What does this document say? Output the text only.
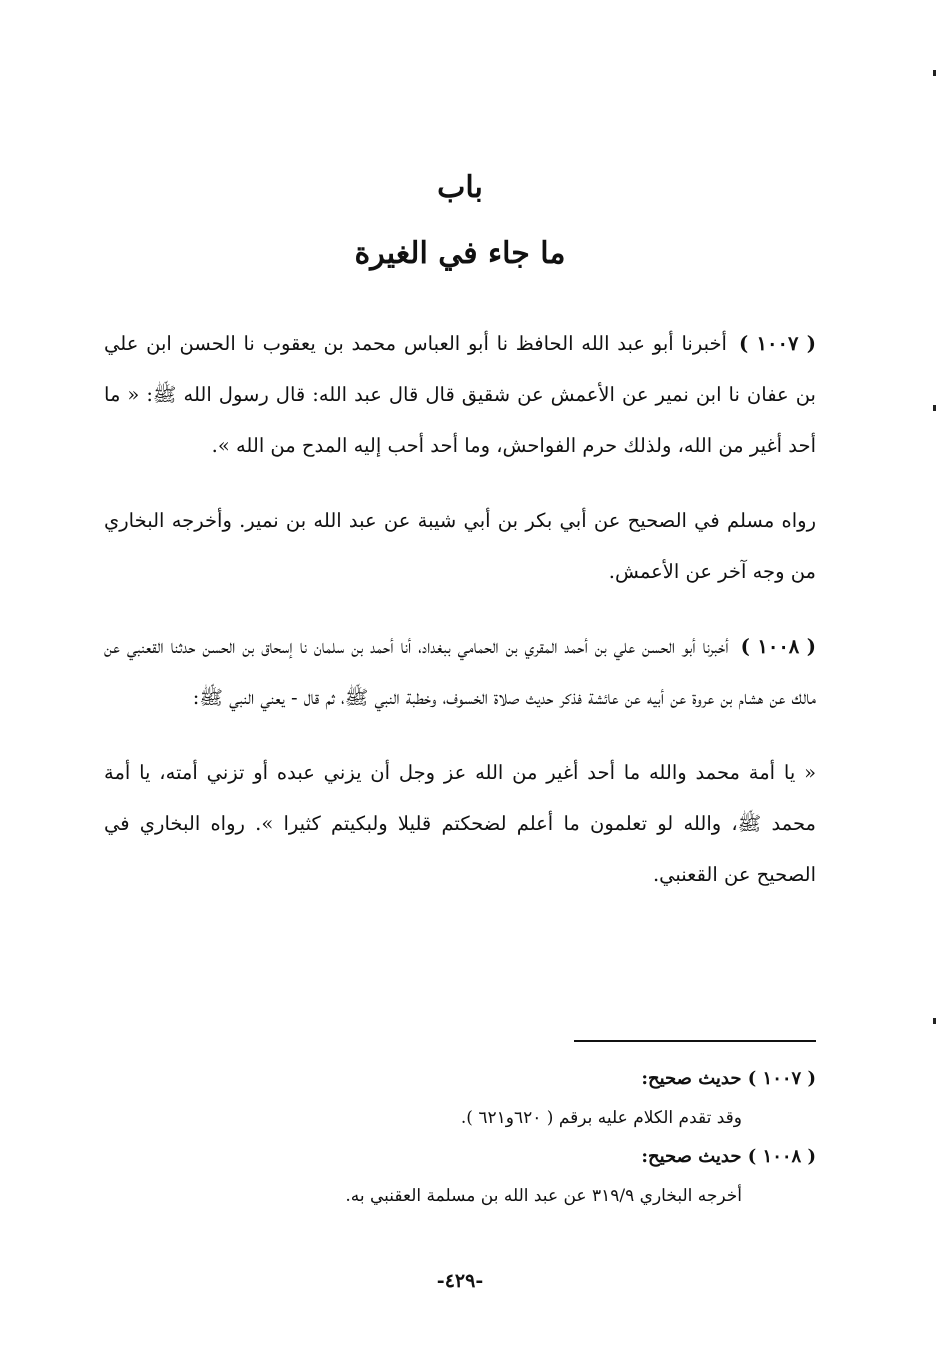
باب
ما جاء في الغيرة

( ١٠٠٧ )أخبرنا أبو عبد الله الحافظ نا أبو العباس محمد بن يعقوب نا الحسن ابن علي بن عفان نا ابن نمير عن الأعمش عن شقيق قال قال عبد الله: قال رسول الله ﷺ: « ما أحد أغير من الله، ولذلك حرم الفواحش، وما أحد أحب إليه المدح من الله ».

رواه مسلم في الصحيح عن أبي بكر بن أبي شيبة عن عبد الله بن نمير. وأخرجه البخاري من وجه آخر عن الأعمش.

( ١٠٠٨ )أخبرنا أبو الحسن علي بن أحمد المقري بن الحمامي ببغداد، أنا أحمد بن سلمان نا إسحاق بن الحسن حدثنا القعنبي عن مالك عن هشام بن عروة عن أبيه عن عائشة فذكر حديث صلاة الخسوف، وخطبة النبي ﷺ، ثم قال - يعني النبي ﷺ:

« يا أمة محمد والله ما أحد أغير من الله عز وجل أن يزني عبده أو تزني أمته، يا أمة محمد ﷺ، والله لو تعلمون ما أعلم لضحكتم قليلا ولبكيتم كثيرا ». رواه البخاري في الصحيح عن القعنبي.

( ١٠٠٧ ) حديث صحيح:

وقد تقدم الكلام عليه برقم ( ٦٢٠و٦٢١ ).

( ١٠٠٨ ) حديث صحيح:

أخرجه البخاري ٣١٩/٩ عن عبد الله بن مسلمة العقنبي به.

-٤٢٩-
